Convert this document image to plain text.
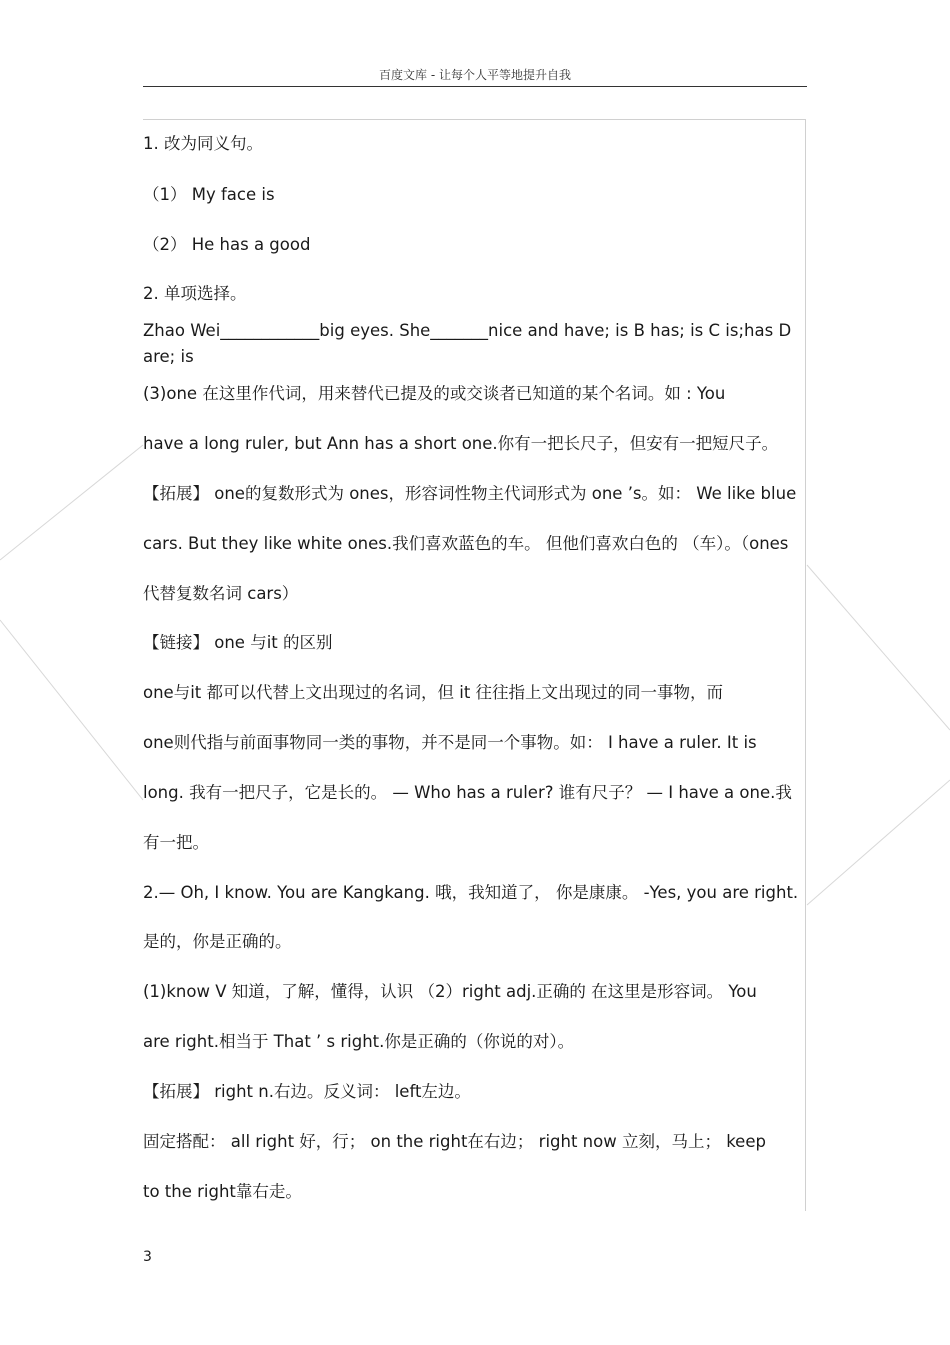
百度文库 - 让每个人平等地提升自我
1. 改为同义句。
（1） My face is
（2） He has a good
2. 单项选择。
Zhao Wei____________big eyes. She_______nice and have; is B has; is C is;has D are; is
(3)one 在这里作代词，用来替代已提及的或交谈者已知道的某个名词。如 : You
have a long ruler, but Ann has a short one.你有一把长尺子，但安有一把短尺子。
【拓展】 one的复数形式为 ones，形容词性物主代词形式为 one ’s。如： We like blue
cars. But they like white ones.我们喜欢蓝色的车。 但他们喜欢白色的 （车）。（ones
代替复数名词 cars）
【链接】 one 与it 的区别
one与it 都可以代替上文出现过的名词，但 it 往往指上文出现过的同一事物，而
one则代指与前面事物同一类的事物，并不是同一个事物。如： I have a ruler. It is
long. 我有一把尺子，它是长的。 — Who has a ruler? 谁有尺子？ — I have a one.我
有一把。
2.— Oh, I know. You are Kangkang. 哦，我知道了， 你是康康。 -Yes, you are right.
是的，你是正确的。
(1)know V 知道，了解，懂得，认识 （2）right adj.正确的 在这里是形容词。 You
are right.相当于 That ’ s right.你是正确的（你说的对）。
【拓展】 right n.右边。反义词： left左边。
固定搭配： all right 好，行； on the right在右边； right now 立刻，马上； keep
to the right靠右走。
3
